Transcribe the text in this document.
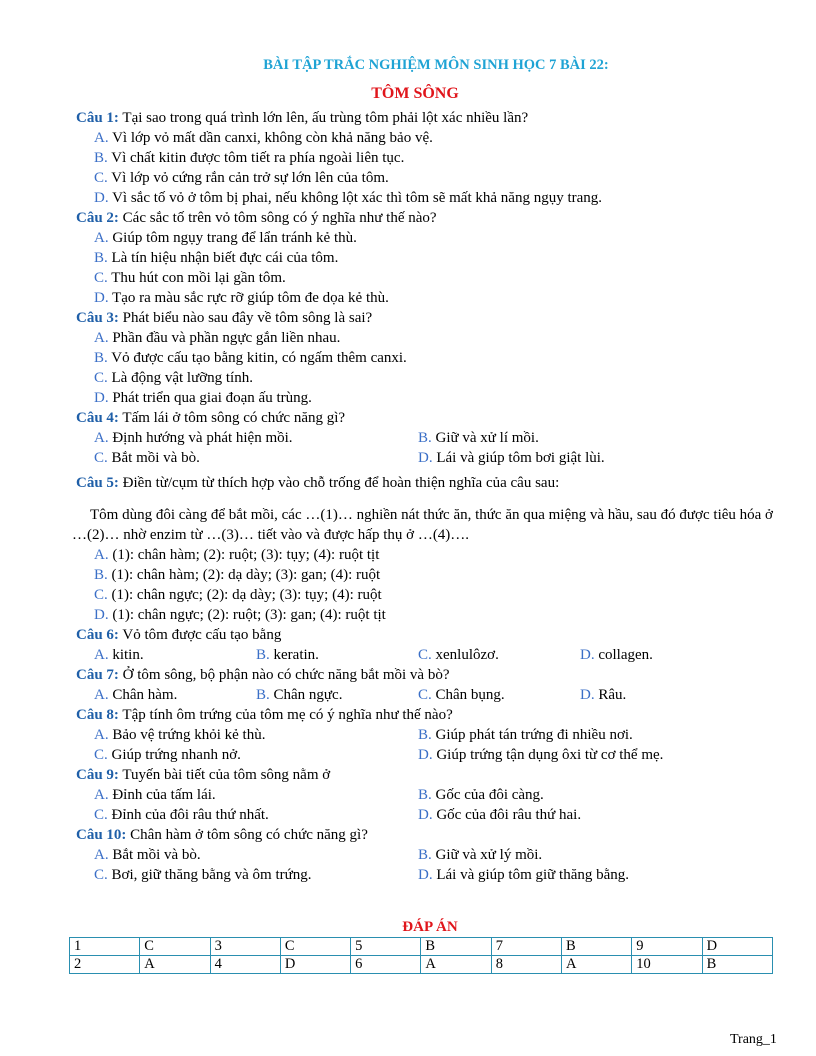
BÀI TẬP TRẮC NGHIỆM MÔN SINH HỌC 7 BÀI 22:
TÔM SÔNG
Câu 1: Tại sao trong quá trình lớn lên, ấu trùng tôm phải lột xác nhiều lần?
A. Vì lớp vỏ mất dần canxi, không còn khả năng bảo vệ.
B. Vì chất kitin được tôm tiết ra phía ngoài liên tục.
C. Vì lớp vỏ cứng rắn cản trở sự lớn lên của tôm.
D. Vì sắc tố vỏ ở tôm bị phai, nếu không lột xác thì tôm sẽ mất khả năng ngụy trang.
Câu 2: Các sắc tố trên vỏ tôm sông có ý nghĩa như thế nào?
A. Giúp tôm ngụy trang để lẩn tránh kẻ thù.
B. Là tín hiệu nhận biết đực cái của tôm.
C. Thu hút con mồi lại gần tôm.
D. Tạo ra màu sắc rực rỡ giúp tôm đe dọa kẻ thù.
Câu 3: Phát biểu nào sau đây về tôm sông là sai?
A. Phần đầu và phần ngực gắn liền nhau.
B. Vỏ được cấu tạo bằng kitin, có ngấm thêm canxi.
C. Là động vật lưỡng tính.
D. Phát triển qua giai đoạn ấu trùng.
Câu 4: Tấm lái ở tôm sông có chức năng gì?
A. Định hướng và phát hiện mồi.	B. Giữ và xử lí mồi.
C. Bắt mồi và bò.	D. Lái và giúp tôm bơi giật lùi.
Câu 5: Điền từ/cụm từ thích hợp vào chỗ trống để hoàn thiện nghĩa của câu sau:
Tôm dùng đôi càng để bắt mồi, các …(1)… nghiền nát thức ăn, thức ăn qua miệng và hầu, sau đó được tiêu hóa ở …(2)… nhờ enzim từ …(3)… tiết vào và được hấp thụ ở …(4)….
A. (1): chân hàm; (2): ruột; (3): tụy; (4): ruột tịt
B. (1): chân hàm; (2): dạ dày; (3): gan; (4): ruột
C. (1): chân ngực; (2): dạ dày; (3): tụy; (4): ruột
D. (1): chân ngực; (2): ruột; (3): gan; (4): ruột tịt
Câu 6: Vỏ tôm được cấu tạo bằng
A. kitin.	B. keratin.	C. xenlulôzơ.	D. collagen.
Câu 7: Ở tôm sông, bộ phận nào có chức năng bắt mồi và bò?
A. Chân hàm.	B. Chân ngực.	C. Chân bụng.	D. Râu.
Câu 8: Tập tính ôm trứng của tôm mẹ có ý nghĩa như thế nào?
A. Bảo vệ trứng khỏi kẻ thù.	B. Giúp phát tán trứng đi nhiều nơi.
C. Giúp trứng nhanh nở.	D. Giúp trứng tận dụng ôxi từ cơ thể mẹ.
Câu 9: Tuyến bài tiết của tôm sông nằm ở
A. Đỉnh của tấm lái.	B. Gốc của đôi càng.
C. Đỉnh của đôi râu thứ nhất.	D. Gốc của đôi râu thứ hai.
Câu 10: Chân hàm ở tôm sông có chức năng gì?
A. Bắt mồi và bò.	B. Giữ và xử lý mồi.
C. Bơi, giữ thăng bằng và ôm trứng.	D. Lái và giúp tôm giữ thăng bằng.
ĐÁP ÁN
1	C	3	C	5	B	7	B	9	D
2	A	4	D	6	A	8	A	10	B
Trang_1
